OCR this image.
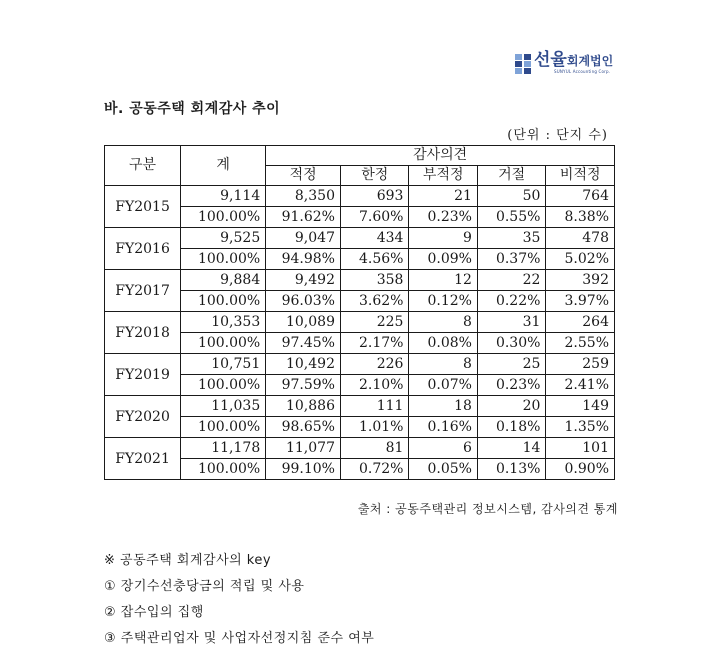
선율회계법인
SUNYUL Accounting Corp.
바. 공동주택 회계감사 추이
(단위 : 단지 수)
구분	계	감사의견				
		적정	한정	부적정	거절	비적정
FY2015	9,114	8,350	693	21	50	764
	100.00%	91.62%	7.60%	0.23%	0.55%	8.38%
FY2016	9,525	9,047	434	9	35	478
	100.00%	94.98%	4.56%	0.09%	0.37%	5.02%
FY2017	9,884	9,492	358	12	22	392
	100.00%	96.03%	3.62%	0.12%	0.22%	3.97%
FY2018	10,353	10,089	225	8	31	264
	100.00%	97.45%	2.17%	0.08%	0.30%	2.55%
FY2019	10,751	10,492	226	8	25	259
	100.00%	97.59%	2.10%	0.07%	0.23%	2.41%
FY2020	11,035	10,886	111	18	20	149
	100.00%	98.65%	1.01%	0.16%	0.18%	1.35%
FY2021	11,178	11,077	81	6	14	101
	100.00%	99.10%	0.72%	0.05%	0.13%	0.90%
출처 : 공동주택관리 정보시스템, 감사의견 통계
※ 공동주택 회계감사의 key
① 장기수선충당금의 적립 및 사용
② 잡수입의 집행
③ 주택관리업자 및 사업자선정지침 준수 여부
